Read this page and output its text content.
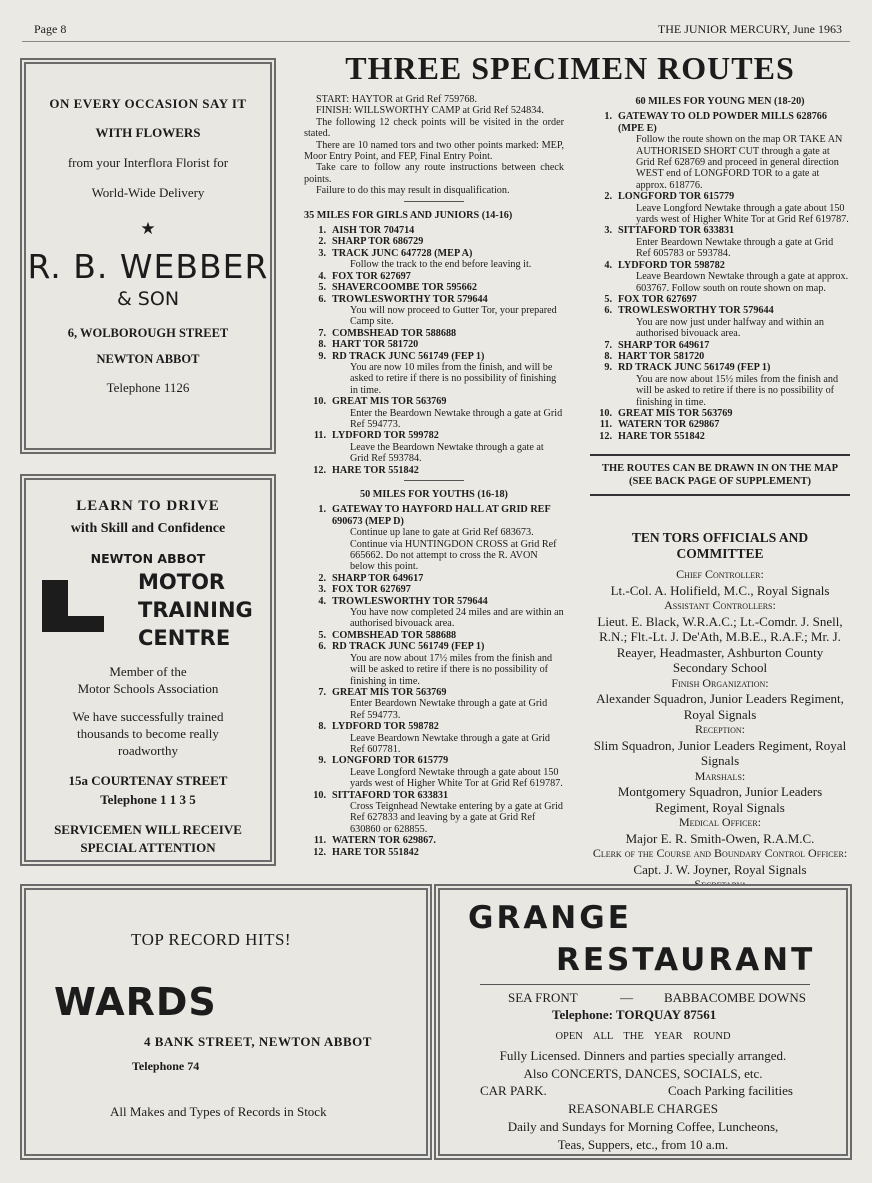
Page 8	THE JUNIOR MERCURY, June 1963
ON EVERY OCCASION SAY IT
WITH FLOWERS
from your Interflora Florist for
World-Wide Delivery
★
R. B. WEBBER
& SON
6, WOLBOROUGH STREET
NEWTON ABBOT
Telephone 1126
LEARN TO DRIVE
with Skill and Confidence
NEWTON ABBOT
MOTOR
TRAINING
CENTRE
Member of the
Motor Schools Association
We have successfully trained
thousands to become really
roadworthy
15a COURTENAY STREET
Telephone 1 1 3 5
SERVICEMEN WILL RECEIVE
SPECIAL ATTENTION
THREE SPECIMEN ROUTES

START: HAYTOR at Grid Ref 759768.

FINISH: WILLSWORTHY CAMP at Grid Ref 524834.

The following 12 check points will be visited in the order stated.

There are 10 named tors and two other points marked: MEP, Moor Entry Point, and FEP, Final Entry Point.

Take care to follow any route instructions between check points.

Failure to do this may result in disqualification.

35 MILES FOR GIRLS AND JUNIORS (14-16)
1. AISH TOR 704714
2. SHARP TOR 686729
3. TRACK JUNC 647728 (MEP A)
Follow the track to the end before leaving it.
4. FOX TOR 627697
5. SHAVERCOOMBE TOR 595662
6. TROWLESWORTHY TOR 579644
You will now proceed to Gutter Tor, your prepared Camp site.
7. COMBSHEAD TOR 588688
8. HART TOR 581720
9. RD TRACK JUNC 561749 (FEP 1)
You are now 10 miles from the finish, and will be asked to retire if there is no possibility of finishing in time.
10. GREAT MIS TOR 563769
Enter the Beardown Newtake through a gate at Grid Ref 594773.
11. LYDFORD TOR 599782
Leave the Beardown Newtake through a gate at Grid Ref 593784.
12. HARE TOR 551842
50 MILES FOR YOUTHS (16-18)
1. GATEWAY TO HAYFORD HALL AT GRID REF 690673 (MEP D)
Continue up lane to gate at Grid Ref 683673. Continue via HUNTINGDON CROSS at Grid Ref 665662. Do not attempt to cross the R. AVON below this point.
2. SHARP TOR 649617
3. FOX TOR 627697
4. TROWLESWORTHY TOR 579644
You have now completed 24 miles and are within an authorised bivouack area.
5. COMBSHEAD TOR 588688
6. RD TRACK JUNC 561749 (FEP 1)
You are now about 17½ miles from the finish and will be asked to retire if there is no possibility of finishing in time.
7. GREAT MIS TOR 563769
Enter Beardown Newtake through a gate at Grid Ref 594773.
8. LYDFORD TOR 598782
Leave Beardown Newtake through a gate at Grid Ref 607781.
9. LONGFORD TOR 615779
Leave Longford Newtake through a gate about 150 yards west of Higher White Tor at Grid Ref 619787.
10. SITTAFORD TOR 633831
Cross Teignhead Newtake entering by a gate at Grid Ref 627833 and leaving by a gate at Grid Ref 630860 or 628855.
11. WATERN TOR 629867.
12. HARE TOR 551842
60 MILES FOR YOUNG MEN (18-20)
1. GATEWAY TO OLD POWDER MILLS 628766 (MPE E)
Follow the route shown on the map OR TAKE AN AUTHORISED SHORT CUT through a gate at Grid Ref 628769 and proceed in general direction WEST end of LONGFORD TOR to a gate at approx. 618776.
2. LONGFORD TOR 615779
Leave Longford Newtake through a gate about 150 yards west of Higher White Tor at Grid Ref 619787.
3. SITTAFORD TOR 633831
Enter Beardown Newtake through a gate at Grid Ref 605783 or 593784.
4. LYDFORD TOR 598782
Leave Beardown Newtake through a gate at approx. 603767. Follow south on route shown on map.
5. FOX TOR 627697
6. TROWLESWORTHY TOR 579644
You are now just under halfway and within an authorised bivouack area.
7. SHARP TOR 649617
8. HART TOR 581720
9. RD TRACK JUNC 561749 (FEP 1)
You are now about 15½ miles from the finish and will be asked to retire if there is no possibility of finishing in time.
10. GREAT MIS TOR 563769
11. WATERN TOR 629867
12. HARE TOR 551842
THE ROUTES CAN BE DRAWN IN ON THE MAP (SEE BACK PAGE OF SUPPLEMENT)
TEN TORS OFFICIALS AND COMMITTEE
Chief Controller:
Lt.-Col. A. Holifield, M.C., Royal Signals
Assistant Controllers:
Lieut. E. Black, W.R.A.C.; Lt.-Comdr. J. Snell, R.N.; Flt.-Lt. J. De'Ath, M.B.E., R.A.F.; Mr. J. Reayer, Headmaster, Ashburton County Secondary School
Finish Organization:
Alexander Squadron, Junior Leaders Regiment, Royal Signals
Reception:
Slim Squadron, Junior Leaders Regiment, Royal Signals
Marshals:
Montgomery Squadron, Junior Leaders Regiment, Royal Signals
Medical Officer:
Major E. R. Smith-Owen, R.A.M.C.
Clerk of the Course and Boundary Control Officer:
Capt. J. W. Joyner, Royal Signals
TOP RECORD HITS!
WARDS
4 BANK STREET, NEWTON ABBOT
Telephone 74
All Makes and Types of Records in Stock
GRANGE
RESTAURANT
SEA FRONT	— BABBACOMBE DOWNS
Telephone: TORQUAY 87561
OPEN ALL THE YEAR ROUND
Fully Licensed. Dinners and parties specially arranged.
Also CONCERTS, DANCES, SOCIALS, etc.
CAR PARK.	Coach Parking facilities
REASONABLE CHARGES
Daily and Sundays for Morning Coffee, Luncheons,
Teas, Suppers, etc., from 10 a.m.
